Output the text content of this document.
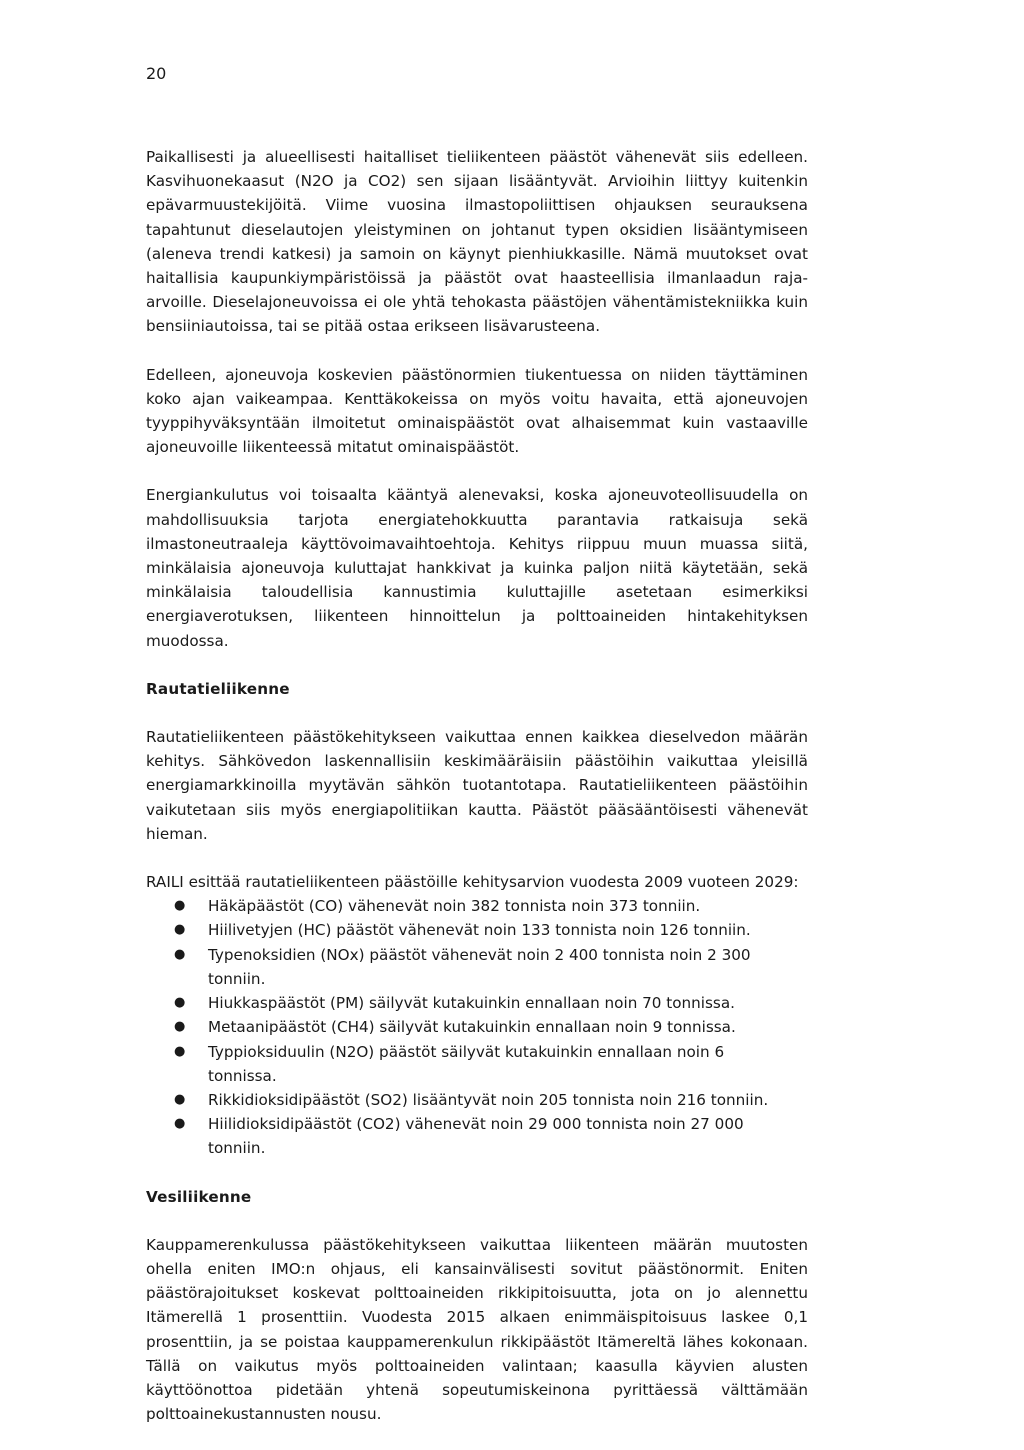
20

Paikallisesti ja alueellisesti haitalliset tieliikenteen päästöt vähenevät siis edelleen. Kasvihuonekaasut (N2O ja CO2) sen sijaan lisääntyvät. Arvioihin liittyy kuitenkin epävarmuustekijöitä. Viime vuosina ilmastopoliittisen ohjauksen seurauksena tapahtunut dieselautojen yleistyminen on johtanut typen oksidien lisääntymiseen (aleneva trendi katkesi) ja samoin on käynyt pienhiukkasille. Nämä muutokset ovat haitallisia kaupunkiympäristöissä ja päästöt ovat haasteellisia ilmanlaadun raja-arvoille. Dieselajoneuvoissa ei ole yhtä tehokasta päästöjen vähentämistekniikka kuin bensiiniautoissa, tai se pitää ostaa erikseen lisävarusteena.

Edelleen, ajoneuvoja koskevien päästönormien tiukentuessa on niiden täyttäminen koko ajan vaikeampaa. Kenttäkokeissa on myös voitu havaita, että ajoneuvojen tyyppihyväksyntään ilmoitetut ominaispäästöt ovat alhaisemmat kuin vastaaville ajoneuvoille liikenteessä mitatut ominaispäästöt.

Energiankulutus voi toisaalta kääntyä alenevaksi, koska ajoneuvoteollisuudella on mahdollisuuksia tarjota energiatehokkuutta parantavia ratkaisuja sekä ilmastoneutraaleja käyttövoimavaihtoehtoja. Kehitys riippuu muun muassa siitä, minkälaisia ajoneuvoja kuluttajat hankkivat ja kuinka paljon niitä käytetään, sekä minkälaisia taloudellisia kannustimia kuluttajille asetetaan esimerkiksi energiaverotuksen, liikenteen hinnoittelun ja polttoaineiden hintakehityksen muodossa.

Rautatieliikenne

Rautatieliikenteen päästökehitykseen vaikuttaa ennen kaikkea dieselvedon määrän kehitys. Sähkövedon laskennallisiin keskimääräisiin päästöihin vaikuttaa yleisillä energiamarkkinoilla myytävän sähkön tuotantotapa. Rautatieliikenteen päästöihin vaikutetaan siis myös energiapolitiikan kautta. Päästöt pääsääntöisesti vähenevät hieman.

RAILI esittää rautatieliikenteen päästöille kehitysarvion vuodesta 2009 vuoteen 2029:

● Häkäpäästöt (CO) vähenevät noin 382 tonnista noin 373 tonniin.
● Hiilivetyjen (HC) päästöt vähenevät noin 133 tonnista noin 126 tonniin.
● Typenoksidien (NOx) päästöt vähenevät noin 2 400 tonnista noin 2 300 tonniin.
● Hiukkaspäästöt (PM) säilyvät kutakuinkin ennallaan noin 70 tonnissa.
● Metaanipäästöt (CH4) säilyvät kutakuinkin ennallaan noin 9 tonnissa.
● Typpioksiduulin (N2O) päästöt säilyvät kutakuinkin ennallaan noin 6 tonnissa.
● Rikkidioksidipäästöt (SO2) lisääntyvät noin 205 tonnista noin 216 tonniin.
● Hiilidioksidipäästöt (CO2) vähenevät noin 29 000 tonnista noin 27 000 tonniin.
Vesiliikenne

Kauppamerenkulussa päästökehitykseen vaikuttaa liikenteen määrän muutosten ohella eniten IMO:n ohjaus, eli kansainvälisesti sovitut päästönormit. Eniten päästörajoitukset koskevat polttoaineiden rikkipitoisuutta, jota on jo alennettu Itämerellä 1 prosenttiin. Vuodesta 2015 alkaen enimmäispitoisuus laskee 0,1 prosenttiin, ja se poistaa kauppamerenkulun rikkipäästöt Itämereltä lähes kokonaan. Tällä on vaikutus myös polttoaineiden valintaan; kaasulla käyvien alusten käyttöönottoa pidetään yhtenä sopeutumiskeinona pyrittäessä välttämään polttoainekustannusten nousu.
